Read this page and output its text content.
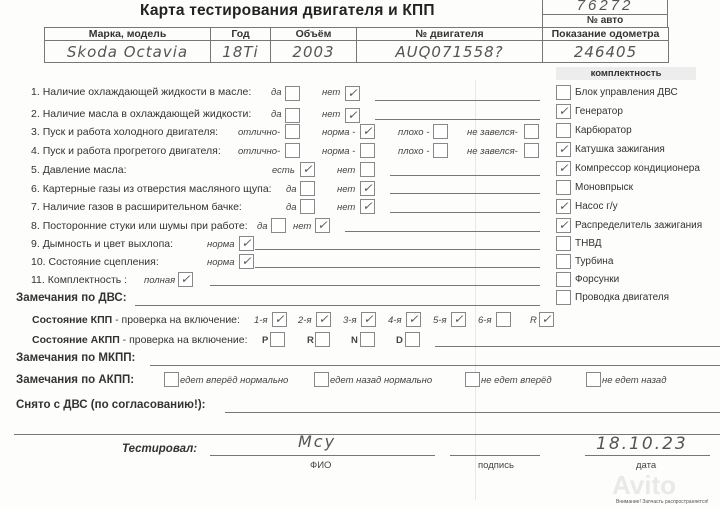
Карта тестирования двигателя и КПП	76272
№ авто
Марка, модель	Год	Объём	№ двигателя	Показание одометра
Skoda Octavia	18Ti	2003	AUQ071558?	246405
1. Наличие охлаждающей жидкости в масле: да	нет ✓
2. Наличие масла в охлаждающей жидкости: да	нет ✓
3. Пуск и работа холодного двигателя: отлично-	норма - ✓	плохо -	не завелся-
4. Пуск и работа прогретого двигателя: отлично-	норма -	плохо -	не завелся-
5. Давление масла:	есть ✓	нет
6. Картерные газы из отверстия масляного щупа: да	нет ✓
7. Наличие газов в расширительном бачке:	да	нет ✓
8. Посторонние стуки или шумы при работе: да	нет ✓
9. Дымность и цвет выхлопа:	норма ✓
10. Состояние сцепления:	норма ✓
11. Комплектность : полная ✓
комплектность
Блок управления ДВС
✓ Генератор
Карбюратор
✓ Катушка зажигания
✓ Компрессор кондиционера
Моновпрыск
✓ Насос г/у
✓ Распределитель зажигания
ТНВД
Турбина
Форсунки
Проводка двигателя
Замечания по ДВС:
Состояние КПП - проверка на включение: 1-я ✓ 2-я ✓ 3-я ✓ 4-я ✓ 5-я ✓ 6-я	R ✓
Состояние АКПП - проверка на включение: P	R	N	D
Замечания по МКПП:
Замечания по АКПП:	едет вперёд нормально	едет назад нормально	не едет вперёд	не едет назад
Снято с ДВС (по согласованию!):
Тестировал:	Мсу
ФИО	подпись
18.10.23
дата
Avito
Внимание! Запчасть распространяется!
